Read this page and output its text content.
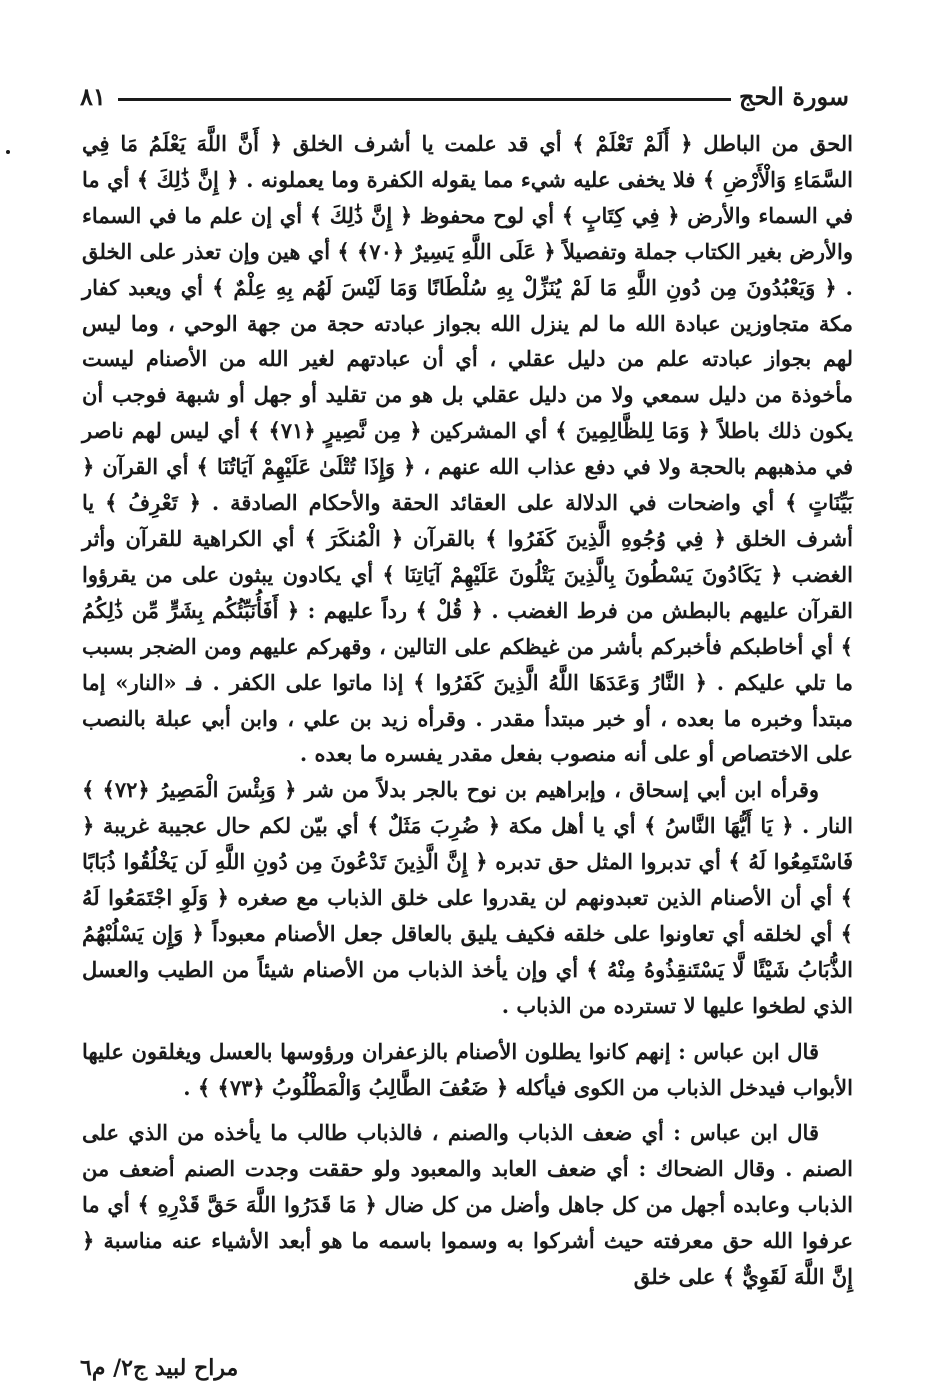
سورة الحج
٨١

الحق من الباطل ﴿ أَلَمْ تَعْلَمْ ﴾ أي قد علمت يا أشرف الخلق ﴿ أَنَّ اللَّهَ يَعْلَمُ مَا فِي السَّمَاءِ وَالْأَرْضِ ﴾ فلا يخفى عليه شيء مما يقوله الكفرة وما يعملونه . ﴿ إِنَّ ذَٰلِكَ ﴾ أي ما في السماء والأرض ﴿ فِي كِتَابٍ ﴾ أي لوح محفوظ ﴿ إِنَّ ذَٰلِكَ ﴾ أي إن علم ما في السماء والأرض بغير الكتاب جملة وتفصيلاً ﴿ عَلَى اللَّهِ يَسِيرٌ ﴿٧٠﴾ ﴾ أي هين وإن تعذر على الخلق . ﴿ وَيَعْبُدُونَ مِن دُونِ اللَّهِ مَا لَمْ يُنَزِّلْ بِهِ سُلْطَانًا وَمَا لَيْسَ لَهُم بِهِ عِلْمٌ ﴾ أي ويعبد كفار مكة متجاوزين عبادة الله ما لم ينزل الله بجواز عبادته حجة من جهة الوحي ، وما ليس لهم بجواز عبادته علم من دليل عقلي ، أي أن عبادتهم لغير الله من الأصنام ليست مأخوذة من دليل سمعي ولا من دليل عقلي بل هو من تقليد أو جهل أو شبهة فوجب أن يكون ذلك باطلاً ﴿ وَمَا لِلظَّالِمِينَ ﴾ أي المشركين ﴿ مِن نَّصِيرٍ ﴿٧١﴾ ﴾ أي ليس لهم ناصر في مذهبهم بالحجة ولا في دفع عذاب الله عنهم ، ﴿ وَإِذَا تُتْلَىٰ عَلَيْهِمْ آيَاتُنَا ﴾ أي القرآن ﴿ بَيِّنَاتٍ ﴾ أي واضحات في الدلالة على العقائد الحقة والأحكام الصادقة . ﴿ تَعْرِفُ ﴾ يا أشرف الخلق ﴿ فِي وُجُوهِ الَّذِينَ كَفَرُوا ﴾ بالقرآن ﴿ الْمُنكَرَ ﴾ أي الكراهية للقرآن وأثر الغضب ﴿ يَكَادُونَ يَسْطُونَ بِالَّذِينَ يَتْلُونَ عَلَيْهِمْ آيَاتِنَا ﴾ أي يكادون يبثون على من يقرؤوا القرآن عليهم بالبطش من فرط الغضب . ﴿ قُلْ ﴾ رداً عليهم : ﴿ أَفَأُنَبِّئُكُم بِشَرٍّ مِّن ذَٰلِكُمُ ﴾ أي أخاطبكم فأخبركم بأشر من غيظكم على التالين ، وقهركم عليهم ومن الضجر بسبب ما تلي عليكم . ﴿ النَّارُ وَعَدَهَا اللَّهُ الَّذِينَ كَفَرُوا ﴾ إذا ماتوا على الكفر . فـ «النار» إما مبتدأ وخبره ما بعده ، أو خبر مبتدأ مقدر . وقرأه زيد بن علي ، وابن أبي عبلة بالنصب على الاختصاص أو على أنه منصوب بفعل مقدر يفسره ما بعده .

وقرأه ابن أبي إسحاق ، وإبراهيم بن نوح بالجر بدلاً من شر ﴿ وَبِئْسَ الْمَصِيرُ ﴿٧٢﴾ ﴾ النار . ﴿ يَا أَيُّهَا النَّاسُ ﴾ أي يا أهل مكة ﴿ ضُرِبَ مَثَلٌ ﴾ أي بيّن لكم حال عجيبة غريبة ﴿ فَاسْتَمِعُوا لَهُ ﴾ أي تدبروا المثل حق تدبره ﴿ إِنَّ الَّذِينَ تَدْعُونَ مِن دُونِ اللَّهِ لَن يَخْلُقُوا ذُبَابًا ﴾ أي أن الأصنام الذين تعبدونهم لن يقدروا على خلق الذباب مع صغره ﴿ وَلَوِ اجْتَمَعُوا لَهُ ﴾ أي لخلقه أي تعاونوا على خلقه فكيف يليق بالعاقل جعل الأصنام معبوداً ﴿ وَإِن يَسْلُبْهُمُ الذُّبَابُ شَيْئًا لَّا يَسْتَنقِذُوهُ مِنْهُ ﴾ أي وإن يأخذ الذباب من الأصنام شيئاً من الطيب والعسل الذي لطخوا عليها لا تسترده من الذباب .

قال ابن عباس : إنهم كانوا يطلون الأصنام بالزعفران ورؤوسها بالعسل ويغلقون عليها الأبواب فيدخل الذباب من الكوى فيأكله ﴿ ضَعُفَ الطَّالِبُ وَالْمَطْلُوبُ ﴿٧٣﴾ ﴾ .

قال ابن عباس : أي ضعف الذباب والصنم ، فالذباب طالب ما يأخذه من الذي على الصنم . وقال الضحاك : أي ضعف العابد والمعبود ولو حققت وجدت الصنم أضعف من الذباب وعابده أجهل من كل جاهل وأضل من كل ضال ﴿ مَا قَدَرُوا اللَّهَ حَقَّ قَدْرِهِ ﴾ أي ما عرفوا الله حق معرفته حيث أشركوا به وسموا باسمه ما هو أبعد الأشياء عنه مناسبة ﴿ إِنَّ اللَّهَ لَقَوِيٌّ ﴾ على خلق

مراح لبيد ج٢/ م٦
